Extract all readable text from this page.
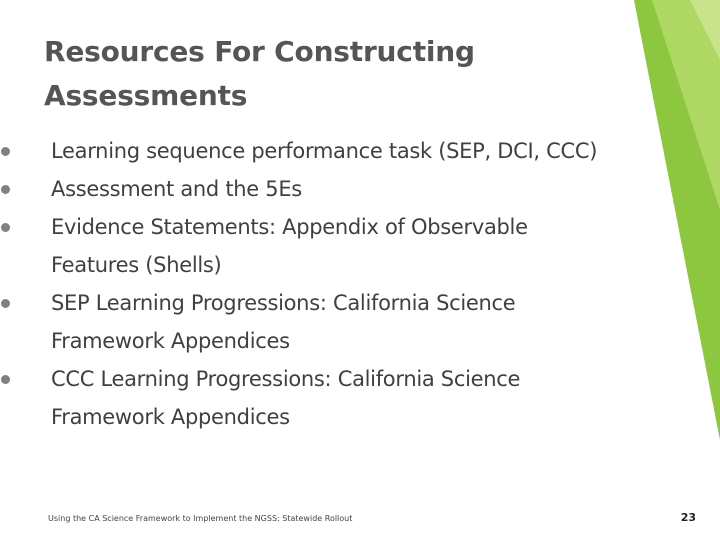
Resources For Constructing
Assessments
Learning sequence performance task (SEP, DCI, CCC)
Assessment and the 5Es
Evidence Statements: Appendix of Observable
Features (Shells)
SEP Learning Progressions: California Science
Framework Appendices
CCC Learning Progressions: California Science
Framework Appendices
Using the CA Science Framework to Implement the NGSS: Statewide Rollout	23
